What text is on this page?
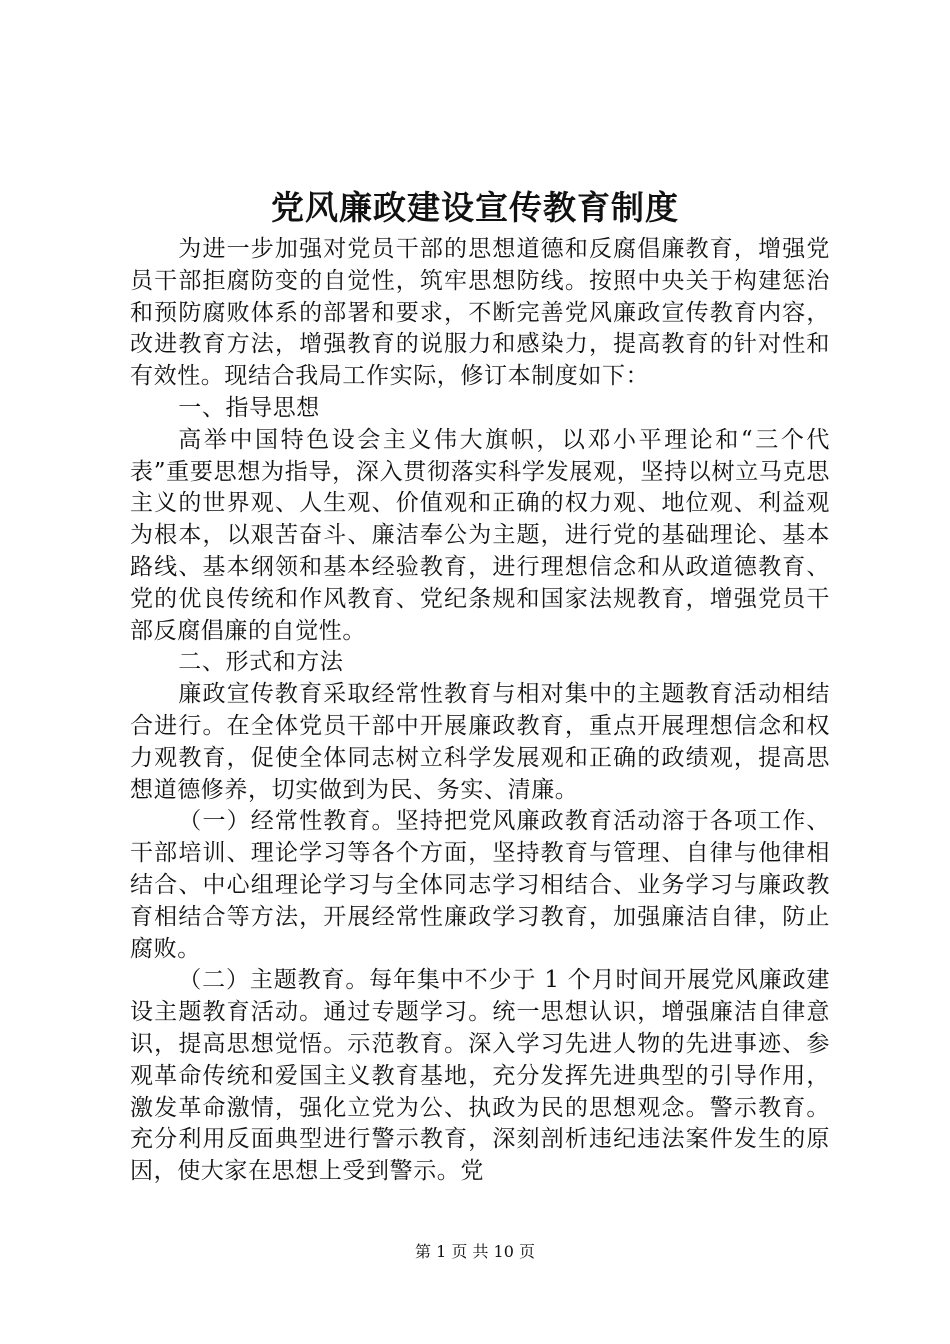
党风廉政建设宣传教育制度

为进一步加强对党员干部的思想道德和反腐倡廉教育，增强党员干部拒腐防变的自觉性，筑牢思想防线。按照中央关于构建惩治和预防腐败体系的部署和要求，不断完善党风廉政宣传教育内容，改进教育方法，增强教育的说服力和感染力，提高教育的针对性和有效性。现结合我局工作实际，修订本制度如下：

一、指导思想

高举中国特色设会主义伟大旗帜，以邓小平理论和“三个代表”重要思想为指导，深入贯彻落实科学发展观，坚持以树立马克思主义的世界观、人生观、价值观和正确的权力观、地位观、利益观为根本，以艰苦奋斗、廉洁奉公为主题，进行党的基础理论、基本路线、基本纲领和基本经验教育，进行理想信念和从政道德教育、党的优良传统和作风教育、党纪条规和国家法规教育，增强党员干部反腐倡廉的自觉性。

二、形式和方法

廉政宣传教育采取经常性教育与相对集中的主题教育活动相结合进行。在全体党员干部中开展廉政教育，重点开展理想信念和权力观教育，促使全体同志树立科学发展观和正确的政绩观，提高思想道德修养，切实做到为民、务实、清廉。

（一）经常性教育。坚持把党风廉政教育活动溶于各项工作、干部培训、理论学习等各个方面，坚持教育与管理、自律与他律相结合、中心组理论学习与全体同志学习相结合、业务学习与廉政教育相结合等方法，开展经常性廉政学习教育，加强廉洁自律，防止腐败。

（二）主题教育。每年集中不少于 1 个月时间开展党风廉政建设主题教育活动。通过专题学习。统一思想认识，增强廉洁自律意识，提高思想觉悟。示范教育。深入学习先进人物的先进事迹、参观革命传统和爱国主义教育基地，充分发挥先进典型的引导作用，激发革命激情，强化立党为公、执政为民的思想观念。警示教育。充分利用反面典型进行警示教育，深刻剖析违纪违法案件发生的原因，使大家在思想上受到警示。党

第 1 页 共 10 页
